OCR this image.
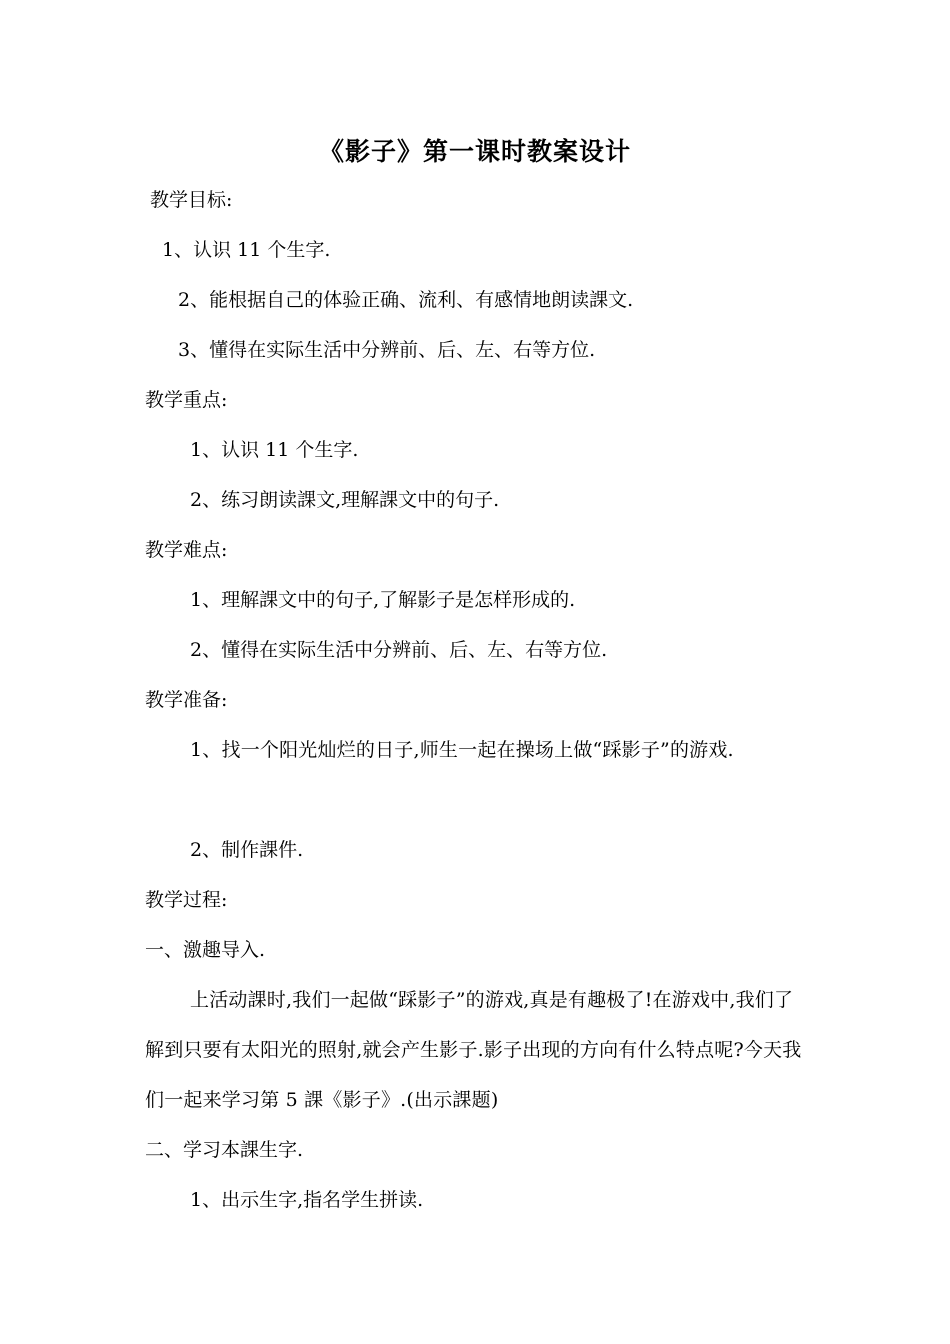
《影子》第一课时教案设计
教学目标:
1、认识 11 个生字.
2、能根据自己的体验正确、流利、有感情地朗读課文.
3、懂得在实际生活中分辨前、后、左、右等方位.
教学重点:
1、认识 11 个生字.
2、练习朗读課文,理解課文中的句子.
教学难点:
1、理解課文中的句子,了解影子是怎样形成的.
2、懂得在实际生活中分辨前、后、左、右等方位.
教学准备:
1、找一个阳光灿烂的日子,师生一起在操场上做“踩影子”的游戏.
2、制作課件.
教学过程:
一、激趣导入.
上活动課时,我们一起做“踩影子”的游戏,真是有趣极了!在游戏中,我们了解到只要有太阳光的照射,就会产生影子.影子出现的方向有什么特点呢?今天我们一起来学习第 5 課《影子》.(出示課题)
二、学习本課生字.
1、出示生字,指名学生拼读.
